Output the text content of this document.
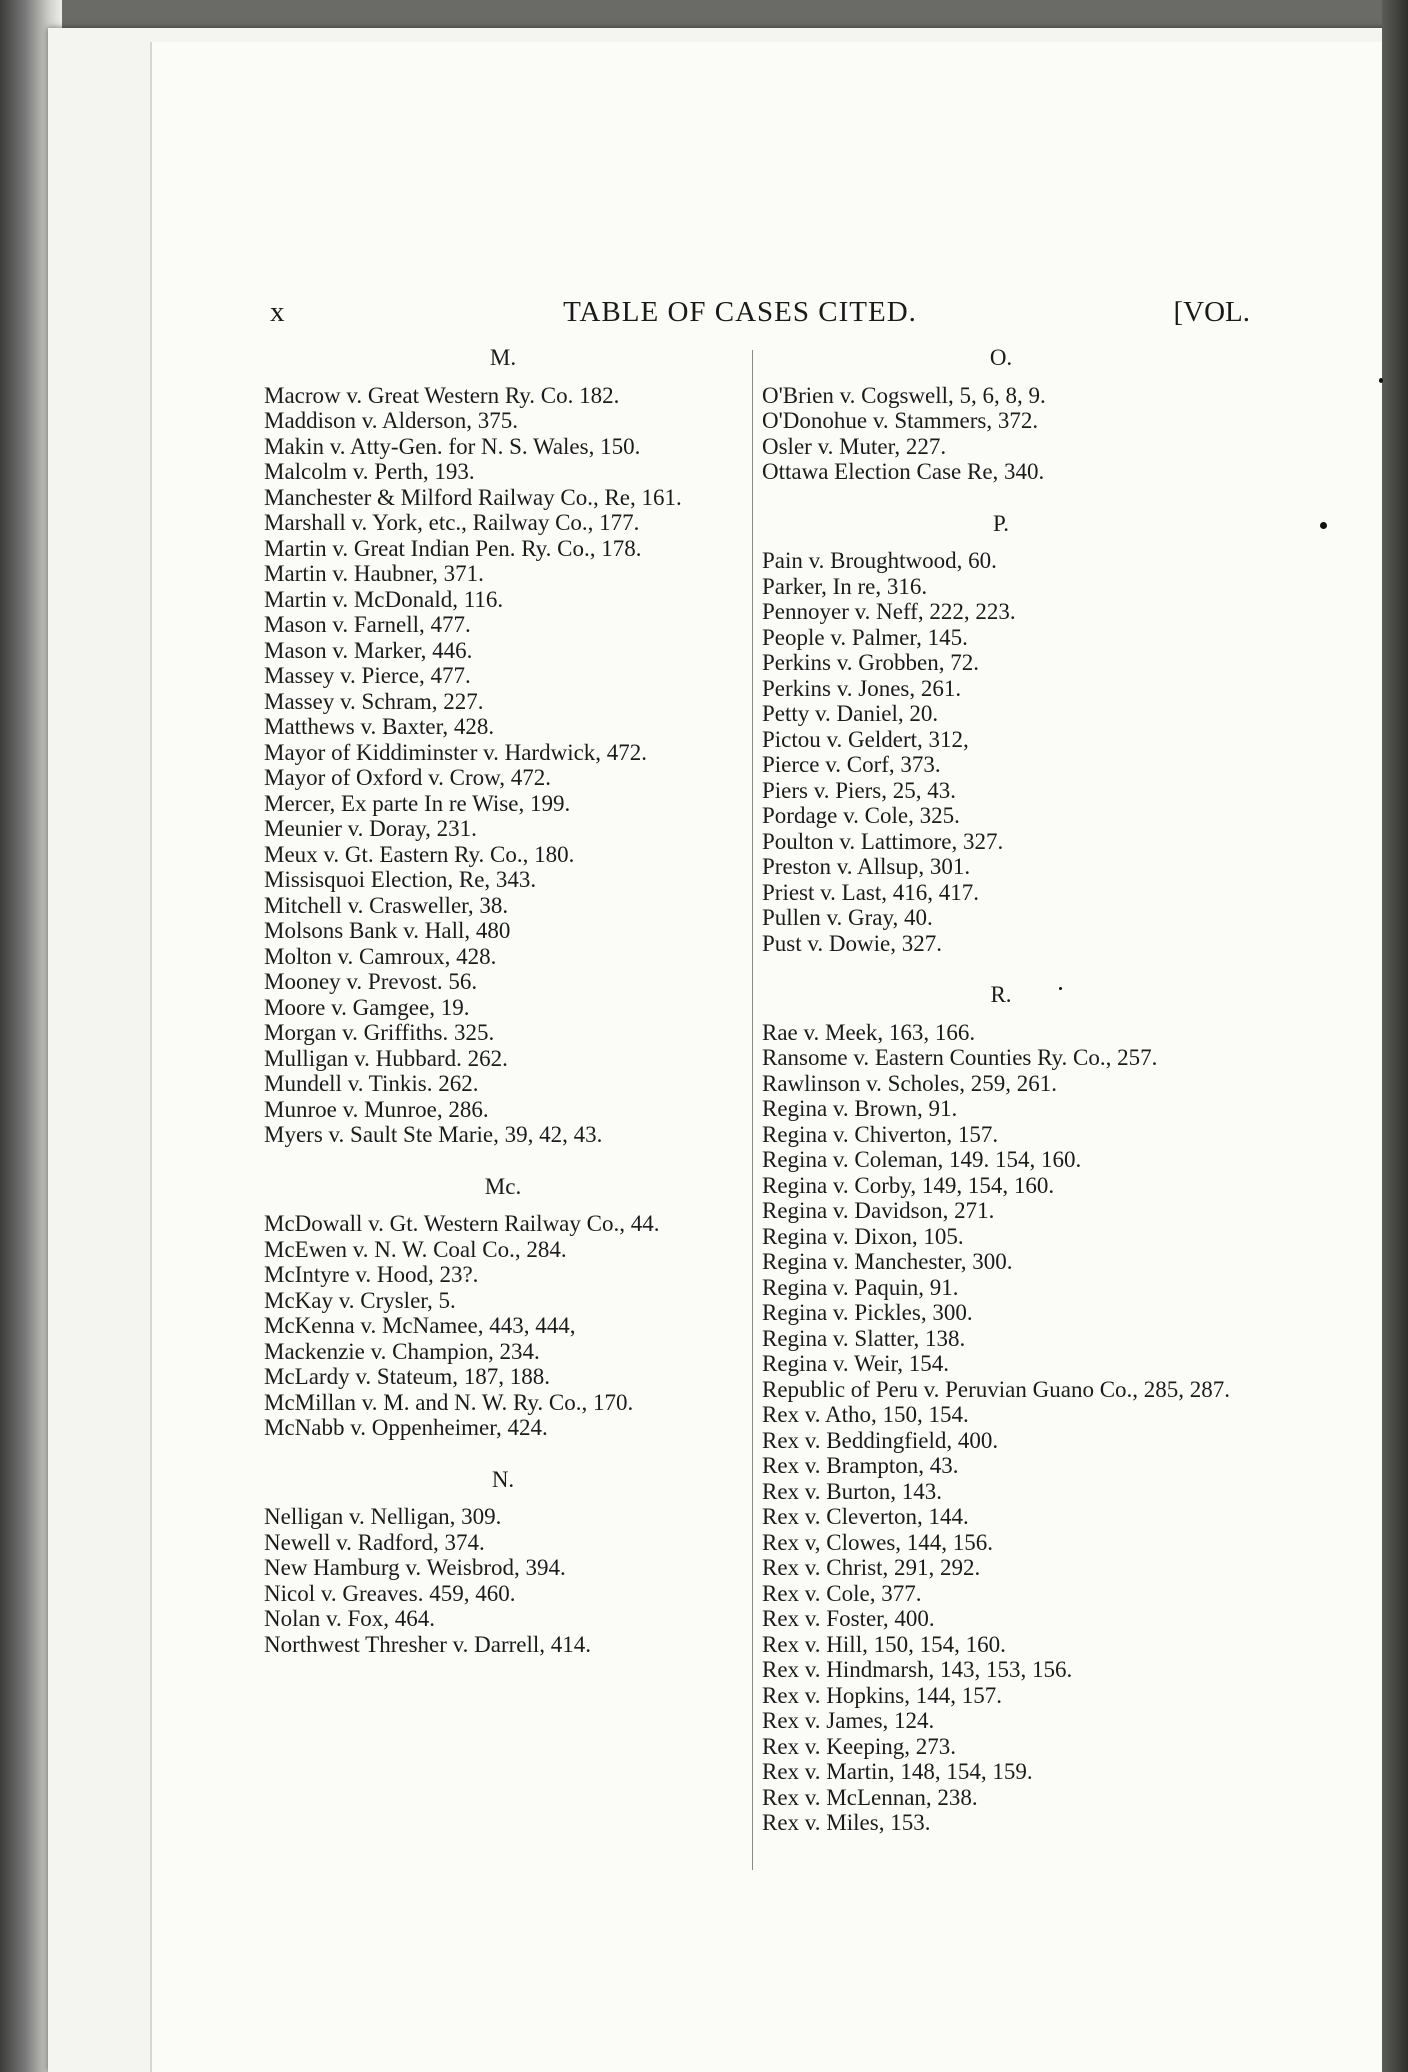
x	TABLE OF CASES CITED.	[VOL.
M.

Macrow v. Great Western Ry. Co. 182.

Maddison v. Alderson, 375.

Makin v. Atty-Gen. for N. S. Wales, 150.

Malcolm v. Perth, 193.

Manchester & Milford Railway Co., Re, 161.

Marshall v. York, etc., Railway Co., 177.

Martin v. Great Indian Pen. Ry. Co., 178.

Martin v. Haubner, 371.

Martin v. McDonald, 116.

Mason v. Farnell, 477.

Mason v. Marker, 446.

Massey v. Pierce, 477.

Massey v. Schram, 227.

Matthews v. Baxter, 428.

Mayor of Kiddiminster v. Hardwick, 472.

Mayor of Oxford v. Crow, 472.

Mercer, Ex parte In re Wise, 199.

Meunier v. Doray, 231.

Meux v. Gt. Eastern Ry. Co., 180.

Missisquoi Election, Re, 343.

Mitchell v. Crasweller, 38.

Molsons Bank v. Hall, 480

Molton v. Camroux, 428.

Mooney v. Prevost. 56.

Moore v. Gamgee, 19.

Morgan v. Griffiths. 325.

Mulligan v. Hubbard. 262.

Mundell v. Tinkis. 262.

Munroe v. Munroe, 286.

Myers v. Sault Ste Marie, 39, 42, 43.

Mc.

McDowall v. Gt. Western Railway Co., 44.

McEwen v. N. W. Coal Co., 284.

McIntyre v. Hood, 23?.

McKay v. Crysler, 5.

McKenna v. McNamee, 443, 444,

Mackenzie v. Champion, 234.

McLardy v. Stateum, 187, 188.

McMillan v. M. and N. W. Ry. Co., 170.

McNabb v. Oppenheimer, 424.

N.

Nelligan v. Nelligan, 309.

Newell v. Radford, 374.

New Hamburg v. Weisbrod, 394.

Nicol v. Greaves. 459, 460.

Nolan v. Fox, 464.

Northwest Thresher v. Darrell, 414.

O.

O'Brien v. Cogswell, 5, 6, 8, 9.

O'Donohue v. Stammers, 372.

Osler v. Muter, 227.

Ottawa Election Case Re, 340.

P.

Pain v. Broughtwood, 60.

Parker, In re, 316.

Pennoyer v. Neff, 222, 223.

People v. Palmer, 145.

Perkins v. Grobben, 72.

Perkins v. Jones, 261.

Petty v. Daniel, 20.

Pictou v. Geldert, 312,

Pierce v. Corf, 373.

Piers v. Piers, 25, 43.

Pordage v. Cole, 325.

Poulton v. Lattimore, 327.

Preston v. Allsup, 301.

Priest v. Last, 416, 417.

Pullen v. Gray, 40.

Pust v. Dowie, 327.

R.

Rae v. Meek, 163, 166.

Ransome v. Eastern Counties Ry. Co., 257.

Rawlinson v. Scholes, 259, 261.

Regina v. Brown, 91.

Regina v. Chiverton, 157.

Regina v. Coleman, 149. 154, 160.

Regina v. Corby, 149, 154, 160.

Regina v. Davidson, 271.

Regina v. Dixon, 105.

Regina v. Manchester, 300.

Regina v. Paquin, 91.

Regina v. Pickles, 300.

Regina v. Slatter, 138.

Regina v. Weir, 154.

Republic of Peru v. Peruvian Guano Co., 285, 287.

Rex v. Atho, 150, 154.

Rex v. Beddingfield, 400.

Rex v. Brampton, 43.

Rex v. Burton, 143.

Rex v. Cleverton, 144.

Rex v, Clowes, 144, 156.

Rex v. Christ, 291, 292.

Rex v. Cole, 377.

Rex v. Foster, 400.

Rex v. Hill, 150, 154, 160.

Rex v. Hindmarsh, 143, 153, 156.

Rex v. Hopkins, 144, 157.

Rex v. James, 124.

Rex v. Keeping, 273.

Rex v. Martin, 148, 154, 159.

Rex v. McLennan, 238.

Rex v. Miles, 153.
